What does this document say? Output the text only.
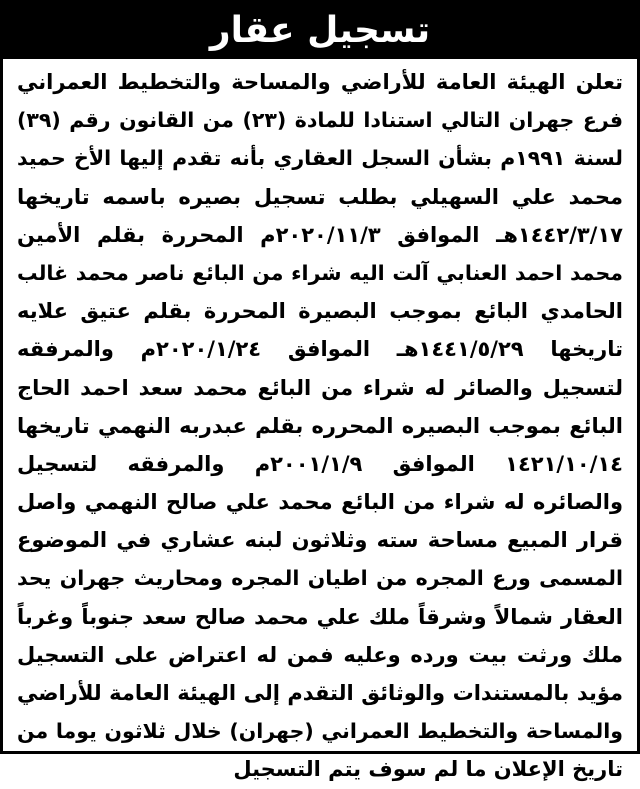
تسجيل عقار
تعلن الهيئة العامة للأراضي والمساحة والتخطيط العمراني
فرع جهران التالي استنادا للمادة (٢٣) من القانون رقم (٣٩)
لسنة ١٩٩١م بشأن السجل العقاري بأنه تقدم إليها الأخ حميد
محمد علي السهيلي بطلب تسجيل بصيره باسمه تاريخها
١٤٤٢/٣/١٧هـ الموافق ٢٠٢٠/١١/٣م المحررة بقلم الأمين
محمد احمد العنابي آلت اليه شراء من البائع ناصر محمد غالب
الحامدي البائع بموجب البصيرة المحررة بقلم عتيق علايه
تاريخها ١٤٤١/٥/٢٩هـ الموافق ٢٠٢٠/١/٢٤م والمرفقه
لتسجيل والصائر له شراء من البائع محمد سعد احمد الحاج
البائع بموجب البصيره المحرره بقلم عبدربه النهمي تاريخها
١٤٢١/١٠/١٤ الموافق ٢٠٠١/١/٩م والمرفقه لتسجيل
والصائره له شراء من البائع محمد علي صالح النهمي واصل
قرار المبيع مساحة سته وثلاثون لبنه عشاري في الموضوع
المسمى ورع المجره من اطيان المجره ومحاريث جهران يحد
العقار شمالاً وشرقاً ملك علي محمد صالح سعد جنوباً وغرباً
ملك ورثت بيت ورده وعليه فمن له اعتراض على التسجيل
مؤيد بالمستندات والوثائق التقدم إلى الهيئة العامة للأراضي
والمساحة والتخطيط العمراني (جهران) خلال ثلاثون يوما من
تاريخ الإعلان ما لم سوف يتم التسجيل
